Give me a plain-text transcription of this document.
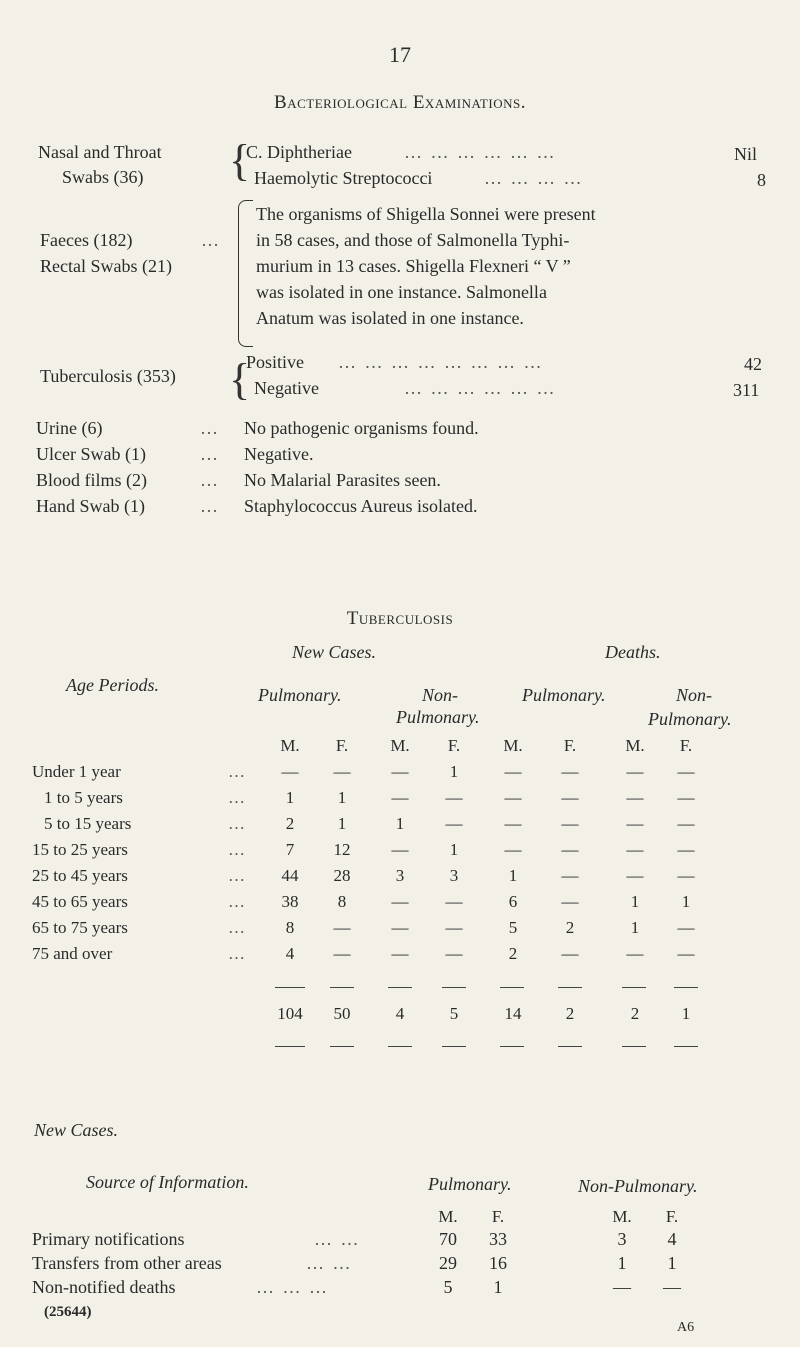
17
Bacteriological Examinations.
Nasal and Throat
Swabs (36) {
C. Diphtheriae	… … … … … …	Nil
Haemolytic Streptococci	… … … …	8
Faeces (182)	…
Rectal Swabs (21)
The organisms of Shigella Sonnei were present
in 58 cases, and those of Salmonella Typhi-
murium in 13 cases. Shigella Flexneri “ V ”
was isolated in one instance. Salmonella
Anatum was isolated in one instance.
Tuberculosis (353) {
Positive … … … … … … … …	42
Negative	… … … … … …	311
Urine (6)	… No pathogenic organisms found.
Ulcer Swab (1)	… Negative.
Blood films (2)	… No Malarial Parasites seen.
Hand Swab (1)	… Staphylococcus Aureus isolated.
Tuberculosis
New Cases.	Deaths.
Age Periods.	Pulmonary.	Non-
Pulmonary.
Pulmonary.	Non-
Pulmonary.
M.	F.	M.	F.	M.	F.	M.	F.
Under 1 year	…	—	—	—	1	—	—	—	—
1 to 5 years	…	1	1	—	—	—	—	—	—
5 to 15 years	…	2	1	1	—	—	—	—	—
15 to 25 years	…	7	12	—	1	—	—	—	—
25 to 45 years	…	44	28	3	3	1	—	—	—
45 to 65 years	…	38	8	—	—	6	—	1	1
65 to 75 years	…	8	—	—	—	5	2	1	—
75 and over	…	4	—	—	—	2	—	—	—
104	50	4	5	14	2	2	1
New Cases.
Source of Information.	Pulmonary.	Non-Pulmonary.
M.	F.	M.	F.
Primary notifications	… …	70	33	3	4
Transfers from other areas	… …	29	16	1	1
Non-notified deaths	… … …	5	1	—	—
(25644)
A6
